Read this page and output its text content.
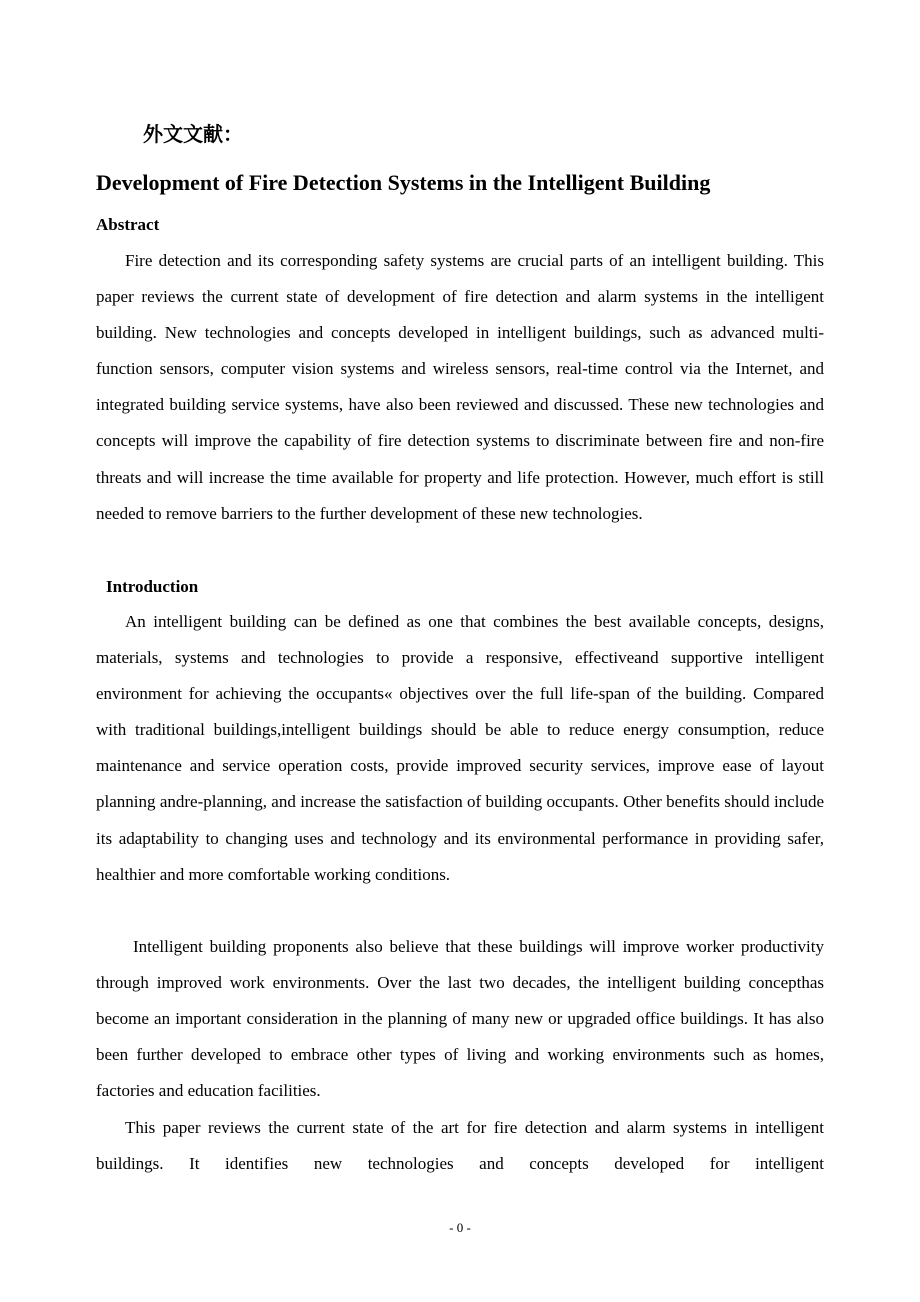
外文文献：
Development of Fire Detection Systems in the Intelligent Building
Abstract

Fire detection and its corresponding safety systems are crucial parts of an intelligent building. This paper reviews the current state of development of fire detection and alarm systems in the intelligent building. New technologies and concepts developed in intelligent buildings, such as advanced multi-function sensors, computer vision systems and wireless sensors, real-time control via the Internet, and integrated building service systems, have also been reviewed and discussed. These new technologies and concepts will improve the capability of fire detection systems to discriminate between fire and non-fire threats and will increase the time available for property and life protection. However, much effort is still needed to remove barriers to the further development of these new technologies.

Introduction

An intelligent building can be defined as one that combines the best available concepts, designs, materials, systems and technologies to provide a responsive, effectiveand supportive intelligent environment for achieving the occupants« objectives over the full life-span of the building. Compared with traditional buildings,intelligent buildings should be able to reduce energy consumption, reduce maintenance and service operation costs, provide improved security services, improve ease of layout planning andre-planning, and increase the satisfaction of building occupants. Other benefits should include its adaptability to changing uses and technology and its environmental performance in providing safer, healthier and more comfortable working conditions.

Intelligent building proponents also believe that these buildings will improve worker productivity through improved work environments. Over the last two decades, the intelligent building concepthas become an important consideration in the planning of many new or upgraded office buildings. It has also been further developed to embrace other types of living and working environments such as homes, factories and education facilities.

This paper reviews the current state of the art for fire detection and alarm systems in intelligent buildings. It identifies new technologies and concepts developed for intelligent

- 0 -
